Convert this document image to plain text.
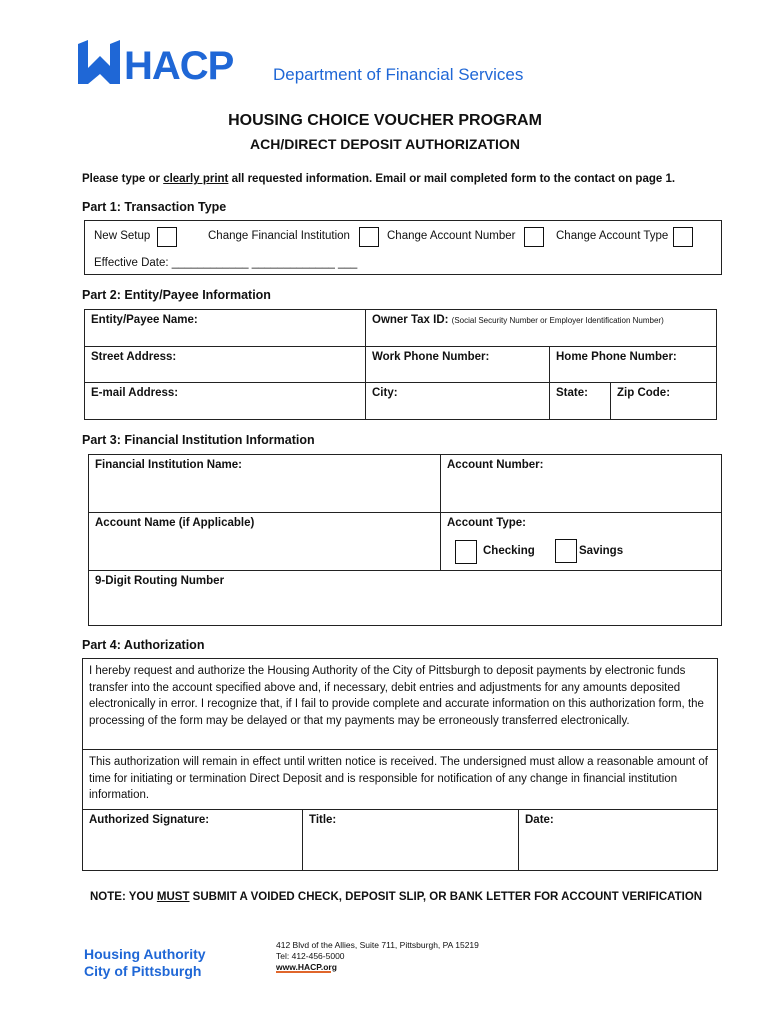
HACP Department of Financial Services
HOUSING CHOICE VOUCHER PROGRAM
ACH/DIRECT DEPOSIT AUTHORIZATION
Please type or clearly print all requested information. Email or mail completed form to the contact on page 1.
Part 1: Transaction Type
New Setup	Change Financial Institution	Change Account Number	Change Account Type
Effective Date: ____________ _____________ ___
Part 2: Entity/Payee Information
Entity/Payee Name:	Owner Tax ID: (Social Security Number or Employer Identification Number)
Street Address:	Work Phone Number:	Home Phone Number:
E-mail Address:	City:	State:	Zip Code:
Part 3: Financial Institution Information
Financial Institution Name:	Account Number:
Account Name (if Applicable)	Account Type:
Checking	Savings
9-Digit Routing Number
Part 4: Authorization
I hereby request and authorize the Housing Authority of the City of Pittsburgh to deposit payments by electronic funds transfer into the account specified above and, if necessary, debit entries and adjustments for any amounts deposited electronically in error. I recognize that, if I fail to provide complete and accurate information on this authorization form, the processing of the form may be delayed or that my payments may be erroneously transferred electronically.
This authorization will remain in effect until written notice is received. The undersigned must allow a reasonable amount of time for initiating or termination Direct Deposit and is responsible for notification of any change in financial institution information.
Authorized Signature:	Title:	Date:
NOTE: YOU MUST SUBMIT A VOIDED CHECK, DEPOSIT SLIP, OR BANK LETTER FOR ACCOUNT VERIFICATION
Housing Authority
City of Pittsburgh
412 Blvd of the Allies, Suite 711, Pittsburgh, PA 15219
Tel: 412-456-5000
www.HACP.org
